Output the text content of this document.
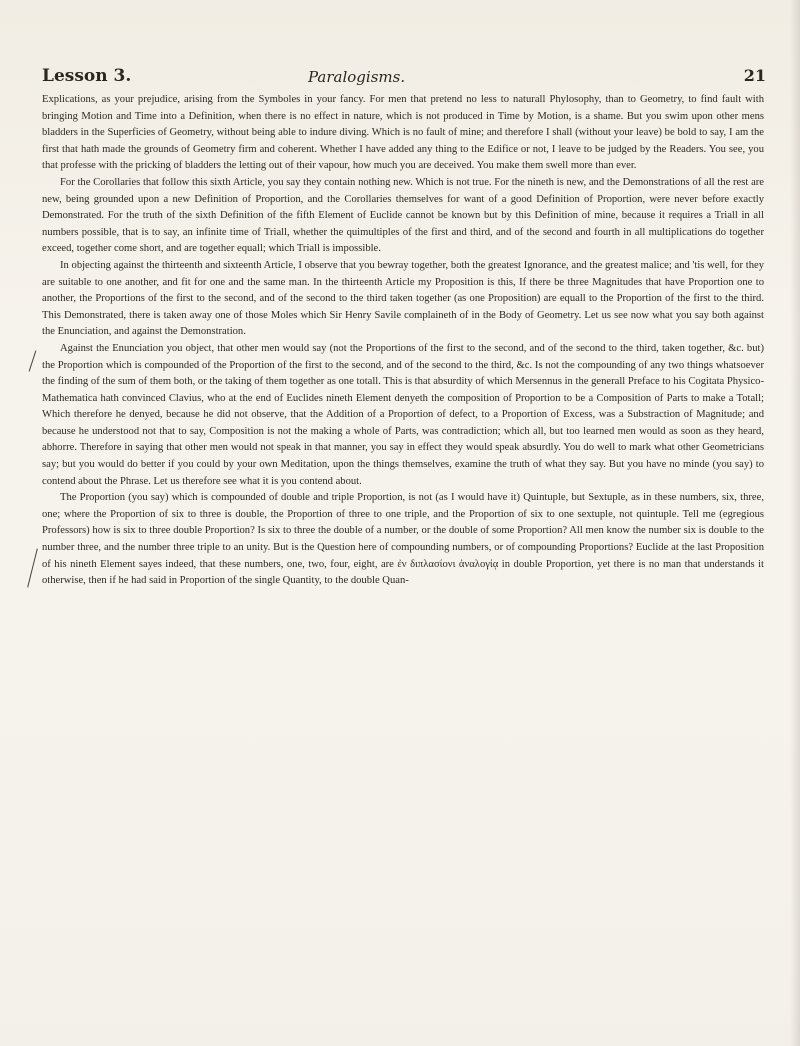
Lesson 3.	Paralogisms.	21

Explications, as your prejudice, arising from the Symboles in your fancy. For men that pretend no less to naturall Phylosophy, than to Geometry, to find fault with bringing Motion and Time into a Definition, when there is no effect in nature, which is not produced in Time by Motion, is a shame. But you swim upon other mens bladders in the Superficies of Geometry, without being able to indure diving. Which is no fault of mine; and therefore I shall (without your leave) be bold to say, I am the first that hath made the grounds of Geometry firm and coherent. Whether I have added any thing to the Edifice or not, I leave to be judged by the Readers. You see, you that professe with the pricking of bladders the letting out of their vapour, how much you are deceived. You make them swell more than ever.

For the Corollaries that follow this sixth Article, you say they contain nothing new. Which is not true. For the nineth is new, and the Demonstrations of all the rest are new, being grounded upon a new Definition of Proportion, and the Corollaries themselves for want of a good Definition of Proportion, were never before exactly Demonstrated. For the truth of the sixth Definition of the fifth Element of Euclide cannot be known but by this Definition of mine, because it requires a Triall in all numbers possible, that is to say, an infinite time of Triall, whether the quimultiples of the first and third, and of the second and fourth in all multiplications do together exceed, together come short, and are together equall; which Triall is impossible.

In objecting against the thirteenth and sixteenth Article, I observe that you bewray together, both the greatest Ignorance, and the greatest malice; and 'tis well, for they are suitable to one another, and fit for one and the same man. In the thirteenth Article my Proposition is this, If there be three Magnitudes that have Proportion one to another, the Proportions of the first to the second, and of the second to the third taken together (as one Proposition) are equall to the Proportion of the first to the third. This Demonstrated, there is taken away one of those Moles which Sir Henry Savile complaineth of in the Body of Geometry. Let us see now what you say both against the Enunciation, and against the Demonstration.

Against the Enunciation you object, that other men would say (not the Proportions of the first to the second, and of the second to the third, taken together, &c. but) the Proportion which is compounded of the Proportion of the first to the second, and of the second to the third, &c. Is not the compounding of any two things whatsoever the finding of the sum of them both, or the taking of them together as one totall. This is that absurdity of which Mersennus in the generall Preface to his Cogitata Physico-Mathematica hath convinced Clavius, who at the end of Euclides nineth Element denyeth the composition of Proportion to be a Composition of Parts to make a Totall; Which therefore he denyed, because he did not observe, that the Addition of a Proportion of defect, to a Proportion of Excess, was a Substraction of Magnitude; and because he understood not that to say, Composition is not the making a whole of Parts, was contradiction; which all, but too learned men would as soon as they heard, abhorre. Therefore in saying that other men would not speak in that manner, you say in effect they would speak absurdly. You do well to mark what other Geometricians say; but you would do better if you could by your own Meditation, upon the things themselves, examine the truth of what they say. But you have no minde (you say) to contend about the Phrase. Let us therefore see what it is you contend about.

The Proportion (you say) which is compounded of double and triple Proportion, is not (as I would have it) Quintuple, but Sextuple, as in these numbers, six, three, one; where the Proportion of six to three is double, the Proportion of three to one triple, and the Proportion of six to one sextuple, not quintuple. Tell me (egregious Professors) how is six to three double Proportion? Is six to three the double of a number, or the double of some Proportion? All men know the number six is double to the number three, and the number three triple to an unity. But is the Question here of compounding numbers, or of compounding Proportions? Euclide at the last Proposition of his nineth Element sayes indeed, that these numbers, one, two, four, eight, are ἐν διπλασίονι ἀναλογίᾳ in double Proportion, yet there is no man that understands it otherwise, then if he had said in Proportion of the single Quantity, to the double Quan-
